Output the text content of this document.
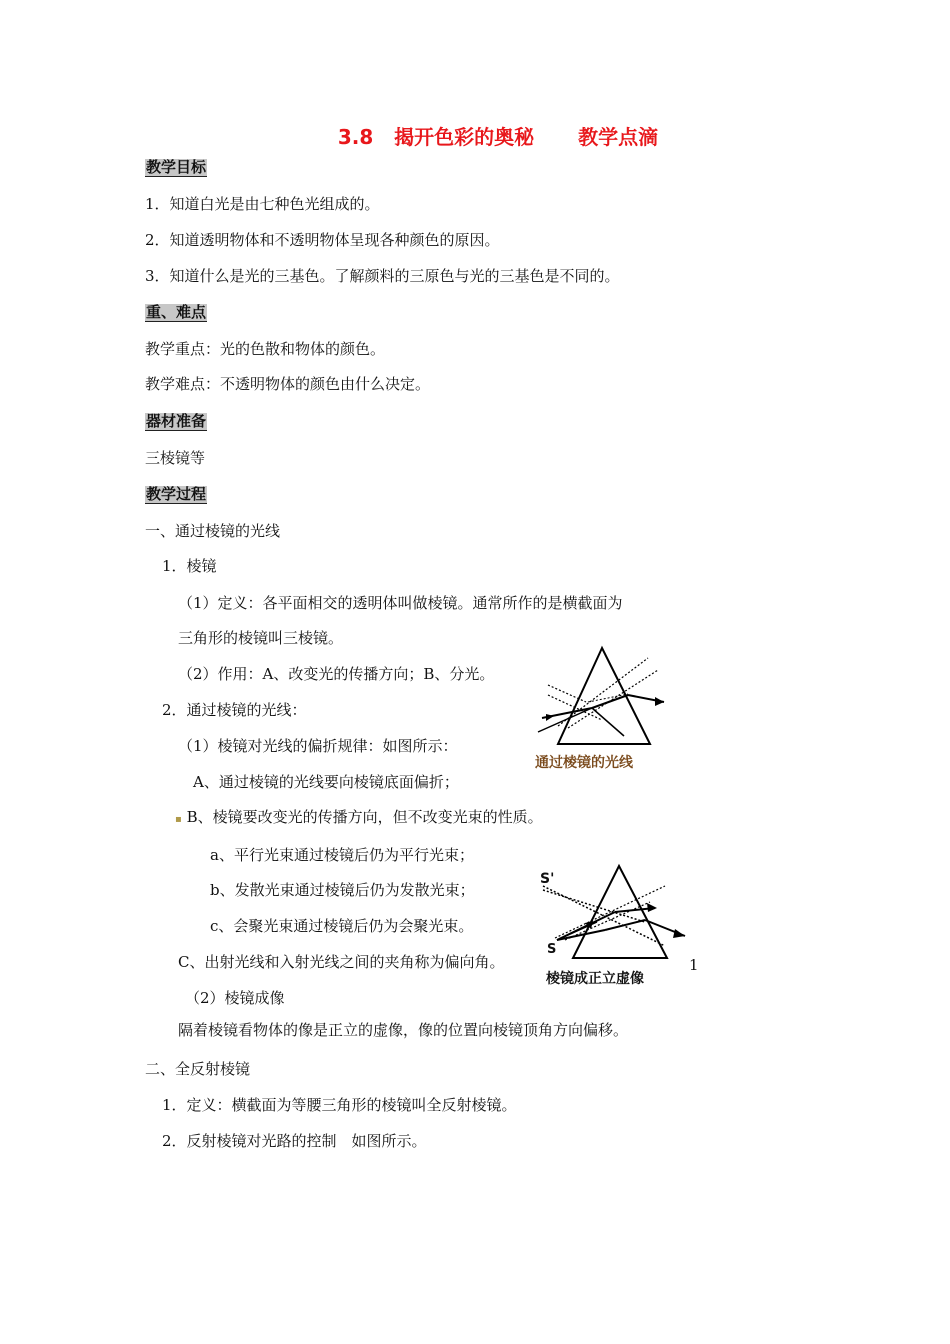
3.8 揭开色彩的奥秘 教学点滴
教学目标
1．知道白光是由七种色光组成的。
2．知道透明物体和不透明物体呈现各种颜色的原因。
3．知道什么是光的三基色。了解颜料的三原色与光的三基色是不同的。
重、难点
教学重点：光的色散和物体的颜色。
教学难点：不透明物体的颜色由什么决定。
器材准备
三棱镜等
教学过程
一、通过棱镜的光线
1．棱镜
（1）定义：各平面相交的透明体叫做棱镜。通常所作的是横截面为
三角形的棱镜叫三棱镜。
（2）作用：A、改变光的传播方向；B、分光。
2．通过棱镜的光线：
（1）棱镜对光线的偏折规律：如图所示：
A、通过棱镜的光线要向棱镜底面偏折；
▪ B、棱镜要改变光的传播方向，但不改变光束的性质。
a、平行光束通过棱镜后仍为平行光束；
b、发散光束通过棱镜后仍为发散光束；
c、会聚光束通过棱镜后仍为会聚光束。
C、出射光线和入射光线之间的夹角称为偏向角。
（2）棱镜成像
隔着棱镜看物体的像是正立的虚像，像的位置向棱镜顶角方向偏移。
二、全反射棱镜
1．定义：横截面为等腰三角形的棱镜叫全反射棱镜。
2．反射棱镜对光路的控制　如图所示。
1
通过棱镜的光线
S'
S
棱镜成正立虚像
